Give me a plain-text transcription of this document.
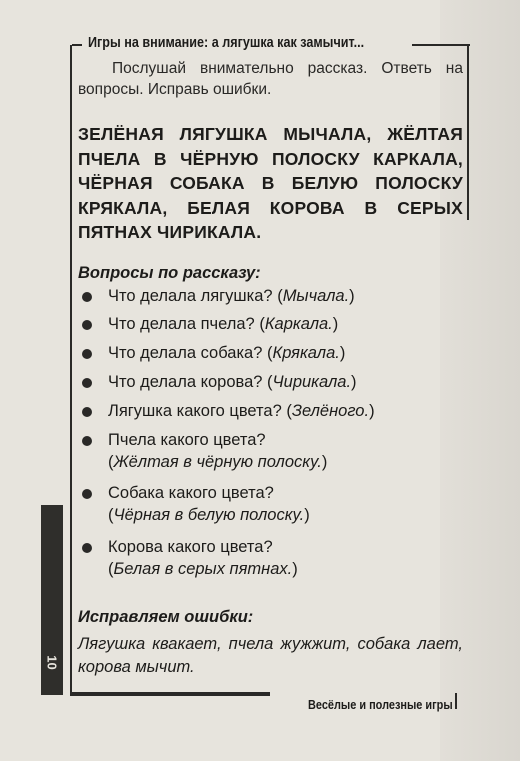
Игры на внимание: а лягушка как замычит...
10
Послушай внимательно рассказ. Ответь на вопросы. Исправь ошибки.
ЗЕЛЁНАЯ ЛЯГУШКА МЫЧАЛА, ЖЁЛТАЯ ПЧЕЛА В ЧЁРНУЮ ПОЛОСКУ КАРКАЛА, ЧЁРНАЯ СОБАКА В БЕЛУЮ ПОЛОСКУ КРЯКАЛА, БЕЛАЯ КОРОВА В СЕРЫХ ПЯТНАХ ЧИРИКАЛА.
Вопросы по рассказу:
Что делала лягушка? (Мычала.)
Что делала пчела? (Каркала.)
Что делала собака? (Крякала.)
Что делала корова? (Чирикала.)
Лягушка какого цвета? (Зелёного.)
Пчела какого цвета?
(Жёлтая в чёрную полоску.)
Собака какого цвета?
(Чёрная в белую полоску.)
Корова какого цвета?
(Белая в серых пятнах.)
Исправляем ошибки:
Лягушка квакает, пчела жужжит, собака лает, корова мычит.
Весёлые и полезные игры
